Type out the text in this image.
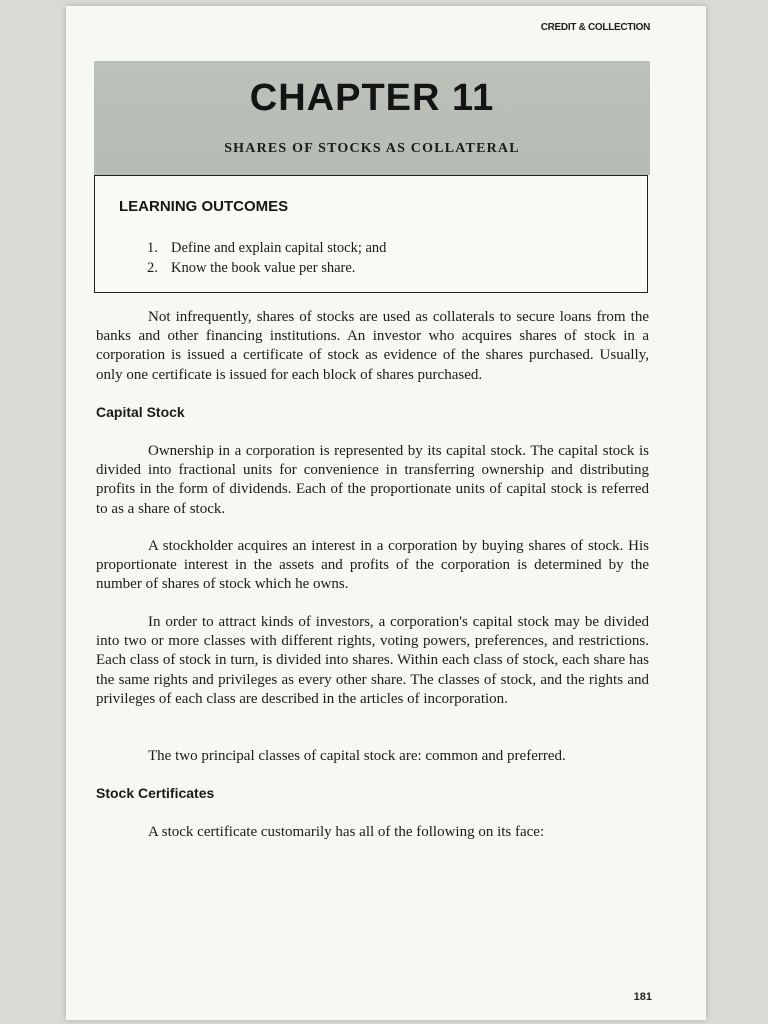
CREDIT & COLLECTION
CHAPTER 11
SHARES OF STOCKS AS COLLATERAL
LEARNING OUTCOMES
1. Define and explain capital stock; and
2. Know the book value per share.

Not infrequently, shares of stocks are used as collaterals to secure loans from the banks and other financing institutions. An investor who acquires shares of stock in a corporation is issued a certificate of stock as evidence of the shares purchased. Usually, only one certificate is issued for each block of shares purchased.

Capital Stock

Ownership in a corporation is represented by its capital stock. The capital stock is divided into fractional units for convenience in transferring ownership and distributing profits in the form of dividends. Each of the proportionate units of capital stock is referred to as a share of stock.

A stockholder acquires an interest in a corporation by buying shares of stock. His proportionate interest in the assets and profits of the corporation is determined by the number of shares of stock which he owns.

In order to attract kinds of investors, a corporation's capital stock may be divided into two or more classes with different rights, voting powers, preferences, and restrictions. Each class of stock in turn, is divided into shares. Within each class of stock, each share has the same rights and privileges as every other share. The classes of stock, and the rights and privileges of each class are described in the articles of incorporation.

The two principal classes of capital stock are: common and preferred.

Stock Certificates

A stock certificate customarily has all of the following on its face:

181
